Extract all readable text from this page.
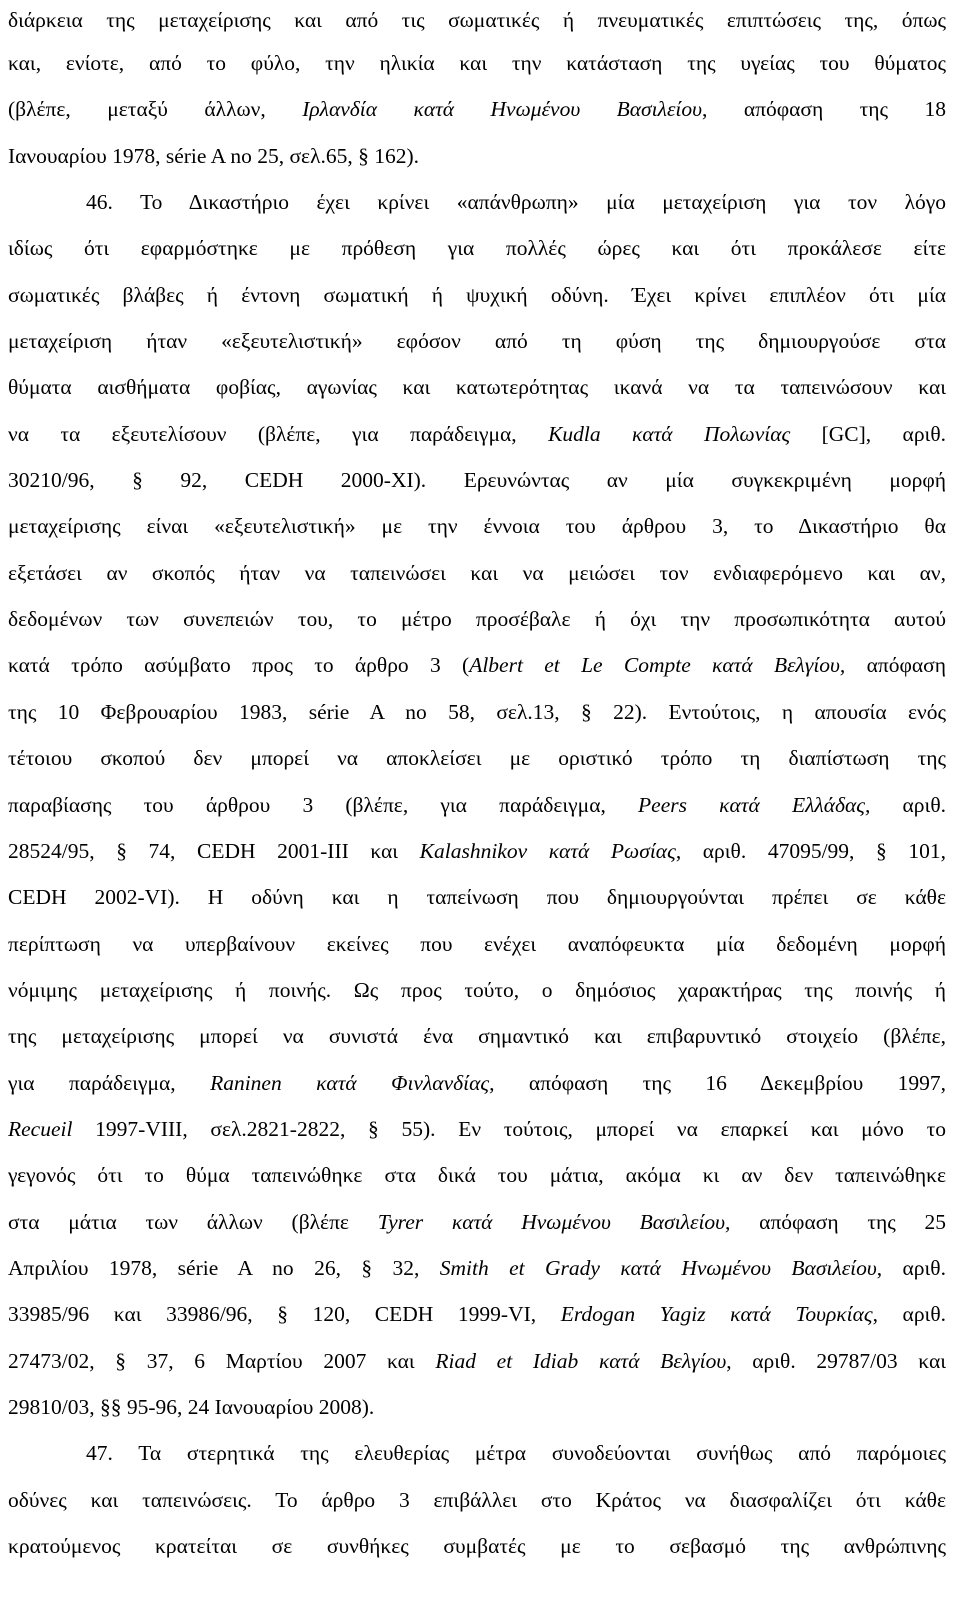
διάρκεια της μεταχείρισης και από τις σωματικές ή πνευματικές επιπτώσεις της, όπως
και, ενίοτε, από το φύλο, την ηλικία και την κατάσταση της υγείας του θύματος
(βλέπε, μεταξύ άλλων, Ιρλανδία κατά Ηνωμένου Βασιλείου, απόφαση της 18
Ιανουαρίου 1978, série A no 25, σελ.65, § 162).
46. Το Δικαστήριο έχει κρίνει «απάνθρωπη» μία μεταχείριση για τον λόγο
ιδίως ότι εφαρμόστηκε με πρόθεση για πολλές ώρες και ότι προκάλεσε είτε
σωματικές βλάβες ή έντονη σωματική ή ψυχική οδύνη. Έχει κρίνει επιπλέον ότι μία
μεταχείριση ήταν «εξευτελιστική» εφόσον από τη φύση της δημιουργούσε στα
θύματα αισθήματα φοβίας, αγωνίας και κατωτερότητας ικανά να τα ταπεινώσουν και
να τα εξευτελίσουν (βλέπε, για παράδειγμα, Kudla κατά Πολωνίας [GC], αριθ.
30210/96, § 92, CEDH 2000-XI). Ερευνώντας αν μία συγκεκριμένη μορφή
μεταχείρισης είναι «εξευτελιστική» με την έννοια του άρθρου 3, το Δικαστήριο θα
εξετάσει αν σκοπός ήταν να ταπεινώσει και να μειώσει τον ενδιαφερόμενο και αν,
δεδομένων των συνεπειών του, το μέτρο προσέβαλε ή όχι την προσωπικότητα αυτού
κατά τρόπο ασύμβατο προς το άρθρο 3 (Albert et Le Compte κατά Βελγίου, απόφαση
της 10 Φεβρουαρίου 1983, série A no 58, σελ.13, § 22). Εντούτοις, η απουσία ενός
τέτοιου σκοπού δεν μπορεί να αποκλείσει με οριστικό τρόπο τη διαπίστωση της
παραβίασης του άρθρου 3 (βλέπε, για παράδειγμα, Peers κατά Ελλάδας, αριθ.
28524/95, § 74, CEDH 2001-III και Kalashnikov κατά Ρωσίας, αριθ. 47095/99, § 101,
CEDH 2002-VI). Η οδύνη και η ταπείνωση που δημιουργούνται πρέπει σε κάθε
περίπτωση να υπερβαίνουν εκείνες που ενέχει αναπόφευκτα μία δεδομένη μορφή
νόμιμης μεταχείρισης ή ποινής. Ως προς τούτο, ο δημόσιος χαρακτήρας της ποινής ή
της μεταχείρισης μπορεί να συνιστά ένα σημαντικό και επιβαρυντικό στοιχείο (βλέπε,
για παράδειγμα, Raninen κατά Φινλανδίας, απόφαση της 16 Δεκεμβρίου 1997,
Recueil 1997-VIII, σελ.2821-2822, § 55). Εν τούτοις, μπορεί να επαρκεί και μόνο το
γεγονός ότι το θύμα ταπεινώθηκε στα δικά του μάτια, ακόμα κι αν δεν ταπεινώθηκε
στα μάτια των άλλων (βλέπε Tyrer κατά Ηνωμένου Βασιλείου, απόφαση της 25
Απριλίου 1978, série A no 26, § 32, Smith et Grady κατά Ηνωμένου Βασιλείου, αριθ.
33985/96 και 33986/96, § 120, CEDH 1999-VI, Erdogan Yagiz κατά Τουρκίας, αριθ.
27473/02, § 37, 6 Μαρτίου 2007 και Riad et Idiab κατά Βελγίου, αριθ. 29787/03 και
29810/03, §§ 95-96, 24 Ιανουαρίου 2008).
47. Τα στερητικά της ελευθερίας μέτρα συνοδεύονται συνήθως από παρόμοιες
οδύνες και ταπεινώσεις. Το άρθρο 3 επιβάλλει στο Κράτος να διασφαλίζει ότι κάθε
κρατούμενος κρατείται σε συνθήκες συμβατές με το σεβασμό της ανθρώπινης
